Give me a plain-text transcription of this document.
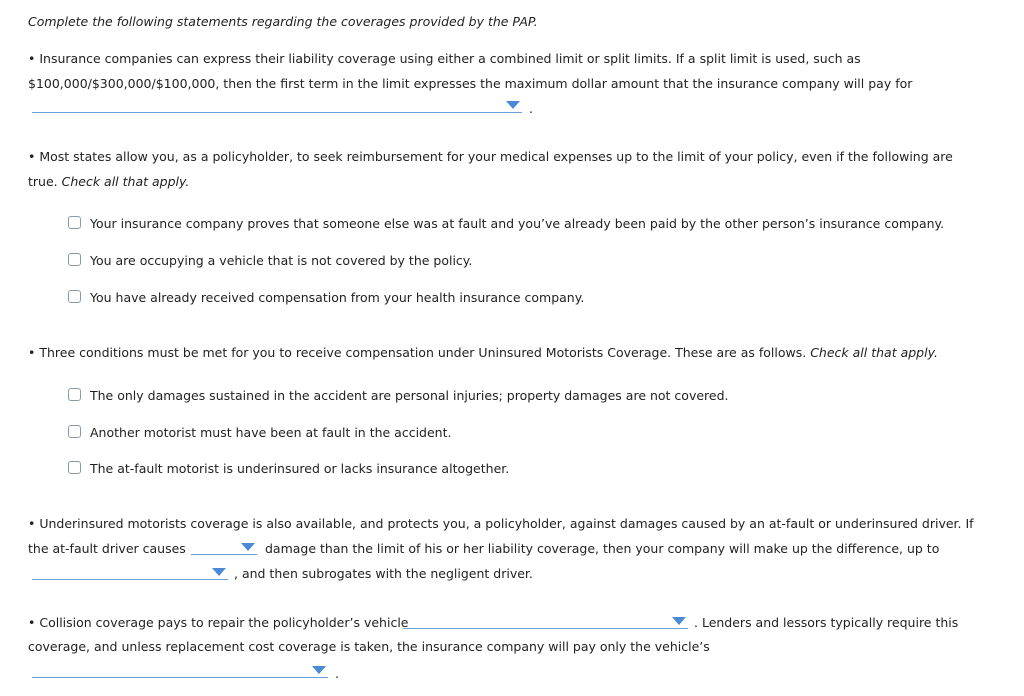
Complete the following statements regarding the coverages provided by the PAP.
• Insurance companies can express their liability coverage using either a combined limit or split limits. If a split limit is used, such as
$100,000/$300,000/$100,000, then the first term in the limit expresses the maximum dollar amount that the insurance company will pay for
.
• Most states allow you, as a policyholder, to seek reimbursement for your medical expenses up to the limit of your policy, even if the following are
true. Check all that apply.
Your insurance company proves that someone else was at fault and you’ve already been paid by the other person’s insurance company.
You are occupying a vehicle that is not covered by the policy.
You have already received compensation from your health insurance company.
• Three conditions must be met for you to receive compensation under Uninsured Motorists Coverage. These are as follows. Check all that apply.
The only damages sustained in the accident are personal injuries; property damages are not covered.
Another motorist must have been at fault in the accident.
The at-fault motorist is underinsured or lacks insurance altogether.
• Underinsured motorists coverage is also available, and protects you, a policyholder, against damages caused by an at-fault or underinsured driver. If
the at-fault driver causes	damage than the limit of his or her liability coverage, then your company will make up the difference, up to
, and then subrogates with the negligent driver.
• Collision coverage pays to repair the policyholder’s vehicle	. Lenders and lessors typically require this
coverage, and unless replacement cost coverage is taken, the insurance company will pay only the vehicle’s
.
